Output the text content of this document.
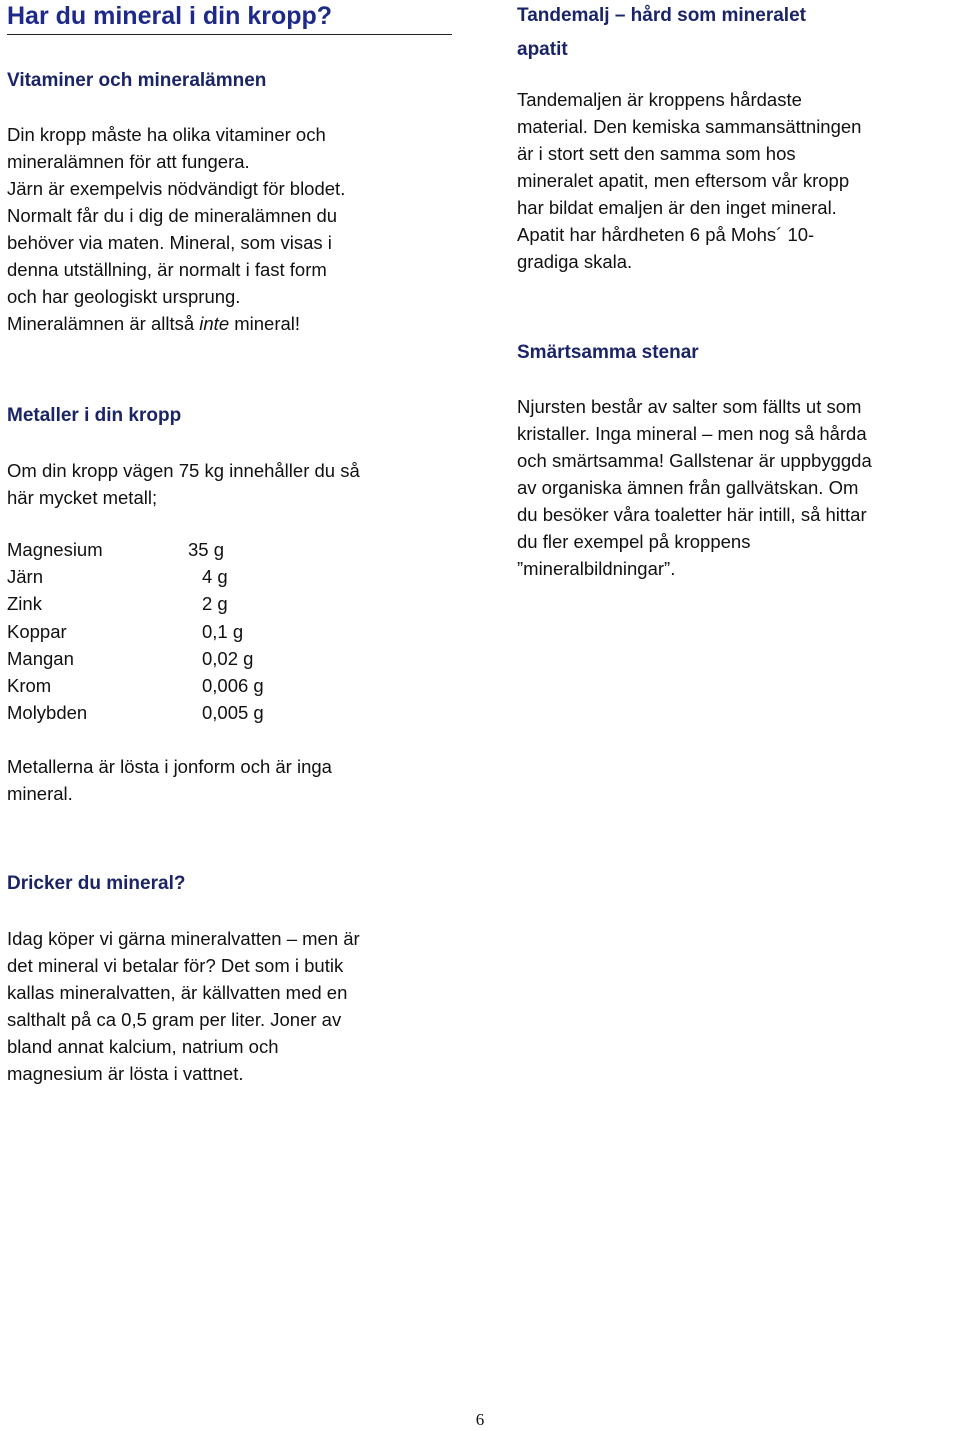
Har du mineral i din kropp?
Vitaminer och mineralämnen

Din kropp måste ha olika vitaminer och
mineralämnen för att fungera.
Järn är exempelvis nödvändigt för blodet.
Normalt får du i dig de mineralämnen du
behöver via maten. Mineral, som visas i
denna utställning, är normalt i fast form
och har geologiskt ursprung.
Mineralämnen är alltså inte mineral!

Metaller i din kropp

Om din kropp vägen 75 kg innehåller du så
här mycket metall;

Magnesium	35 g
Järn	4 g
Zink	2 g
Koppar	0,1 g
Mangan	0,02 g
Krom	0,006 g
Molybden	0,005 g

Metallerna är lösta i jonform och är inga
mineral.

Dricker du mineral?

Idag köper vi gärna mineralvatten – men är
det mineral vi betalar för? Det som i butik
kallas mineralvatten, är källvatten med en
salthalt på ca 0,5 gram per liter. Joner av
bland annat kalcium, natrium och
magnesium är lösta i vattnet.

Tandemalj – hård som mineralet
apatit

Tandemaljen är kroppens hårdaste
material. Den kemiska sammansättningen
är i stort sett den samma som hos
mineralet apatit, men eftersom vår kropp
har bildat emaljen är den inget mineral.
Apatit har hårdheten 6 på Mohs´ 10-
gradiga skala.

Smärtsamma stenar

Njursten består av salter som fällts ut som
kristaller. Inga mineral – men nog så hårda
och smärtsamma! Gallstenar är uppbyggda
av organiska ämnen från gallvätskan. Om
du besöker våra toaletter här intill, så hittar
du fler exempel på kroppens
”mineralbildningar”.

6
